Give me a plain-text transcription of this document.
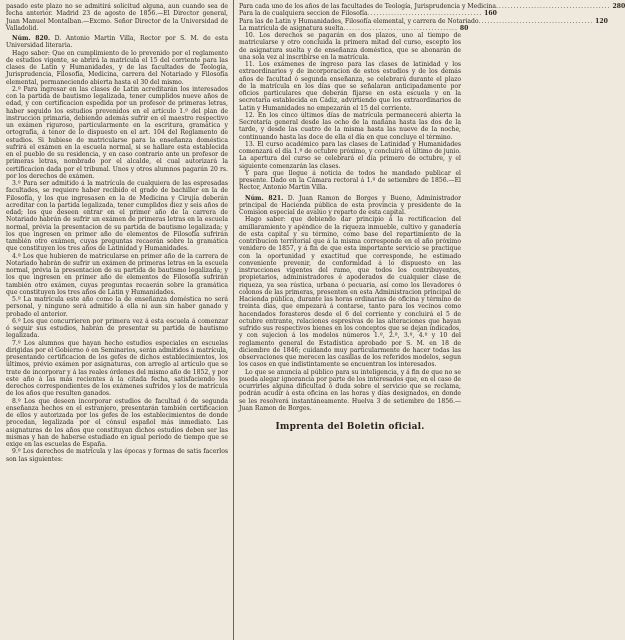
pasado este plazo no se admitirá solicitud alguna, aun cuando sea de fecha anterior. Madrid 23 de agosto de 1856.—El Director general, Juan Manuel Montalban.—Excmo. Señor Director de la Universidad de Valladolid.

Núm. 820. D. Antonio Martin Villa, Rector por S. M. de esta Universidad literaria.

Hago saber: Que en cumplimiento de lo prevenido por el reglamento de estudios vigente, se abrirá la matrícula el 15 del corriente para las clases de Latin y Humanidades, y de las facultades de Teología, Jurisprudencia, Filosofía, Medicina, carrera del Notariado y Filosofía elemental, permaneciendo abierta hasta el 30 del mismo.

2.º Para ingresar en las clases de Latin acreditarán los interesados con la partida de bautismo legalizada, tener cumplidos nueve años de edad, y con certificacion espedida por un profesor de primeras letras, haber seguido los estudios prevenidos en el artículo 1.º del plan de instruccion primaria, debiendo además sufrir en el maestro respectivo un exámen riguroso, particularmente en la escritura, gramática y ortografía, á tenor de lo dispuesto en el art. 104 del Reglamento de estudios. Si hubiese de matricularse para la enseñanza doméstica sufrirá el exámen en la escuela normal, si se hallare esta establecida en el pueblo de su residencia, y en caso contrario ante un profesor de primeras letras, nombrado por el alcalde, el cual autorizará la certificacion dada por el tribunal. Unos y otros alumnos pagarán 20 rs. por los derechos de exámen.

3.º Para ser admitido á la matrícula de cualquiera de las espresadas facultades, se requiere haber recibido el grado de bachiller en la de Filosofía, y los que ingresasen en la de Medicina y Cirujía deberán acreditar con la partida legalizada, tener cumplidos diez y seis años de edad; los que deseen entrar en el primer año de la carrera de Notariado habrán de sufrir un exámen de primeras letras en la escuela normal, prévia la presentacion de su partida de bautismo legalizada; y los que ingresen en primer año de elementos de Filosofía sufrirán también otro exámen, cuyas preguntas recaerán sobre la gramática que constituyen los tres años de Latinidad y Humanidades.

4.º Los que hubieren de matricularse en primer año de la carrera de Notariado habrán de sufrir un exámen de primeras letras en la escuela normal, prévia la presentacion de su partida de bautismo legalizada; y los que ingresen en primer año de elementos de Filosofía sufrirán también otro exámen, cuyas preguntas recaerán sobre la gramática que constituyen los tres años de Latin y Humanidades.

5.º La matrícula este año como la de enseñanza doméstica no será personal, y ninguno será admitido á ella ni aun sin haber ganado y probado el anterior.

6.º Los que concurrieren por primera vez á esta escuela á comenzar ó seguir sus estudios, habrán de presentar su partida de bautismo legalizada.

7.º Los alumnos que hayan hecho estudios especiales en escuelas dirigidas por el Gobierno ó en Seminarios, serán admitidos á matrícula, presentando certificacion de los gefes de dichos establecimientos, los últimos, prévio exámen por asignaturas, con arreglo al artículo que se trate de incorporar y á las reales órdenes del mismo año de 1852, y por este año á las más recientes á la citada fecha, satisfaciendo los derechos correspondientes de los exámenes sufridos y los de matrícula de los años que resulten ganados.

8.º Los que deseen incorporar estudios de facultad ó de segunda enseñanza hechos en el estranjero, presentarán también certificacion de ellos y autorizada por los gefes de los establecimientos de donde procedan, legalizada por el cónsul español más inmediato. Las asignaturas de los años que constituyan dichos estudios deben ser las mismas y han de haberse estudiado en igual período de tiempo que se exige en las escuelas de España.

9.º Los derechos de matrícula y las épocas y formas de satis facerlos son las siguientes:

Para cada uno de los años de las facultades de Teología, Jurisprudencia y Medicina ....................................... 280
Para la de cualquiera seccion de Filosofía ....................................... 160
Para las de Latin y Humanidades, Filosofía elemental, y carrera de Notariado ....................................... 120
La matrícula de asignatura suelta ....................................... 80

10. Los derechos se pagarán en dos plazos, uno al tiempo de matricularse y otro concluida la primera mitad del curso, escepto los de asignatura suelta y de enseñanza doméstica, que se abonarán de una sola vez al inscribirse en la matrícula.

11. Los exámenes de ingreso para las clases de latinidad y los extraordinarios y de incorporacion de estos estudios y de los demás años de facultad ó segunda enseñanza, se celebrará durante el plazo de la matrícula en los días que se señalaran anticipadamente por oficios particulares que deberán fijarse en esta escuela y en la secretaría establecida en Cádiz, advirtiendo que los extraordinarios de Latin y Humanidades no empezarán el 15 del corriente.

12. En los cinco últimos días de matrícula permanecerá abierta la Secretaría general desde las ocho de la mañana hasta las dos de la tarde, y desde las cuatro de la misma hasta las nueve de la noche, continuando hasta las doce de ella el día en que concluye el término.

13. El curso académico para las clases de Latinidad y Humanidades comenzará el día 1.º de octubre próximo, y concluirá el último de junio. La apertura del curso se celebrará el día primero de octubre, y el siguiente comenzarán las clases.

Y para que llegue á noticia de todos he mandado publicar el presente. Dado en la Cámara rectoral á 1.º de setiembre de 1856.—El Rector, Antonio Martin Villa.

Núm. 821. D. Juan Ramon de Borges y Bueno, Administrador principal de Hacienda pública de esta provincia y presidente de la Comision especial de avalúo y reparto de esta capital.

Hago saber: que debiendo dar principio á la rectificacion del amillaramiento y apéndice de la riqueza inmueble, cultivo y ganadería de esta capital y su término, como base del repartimiento de la contribucion territorial que á la misma corresponde en el año próximo venidero de 1857, y á fin de que esta importante servicio se practique con la oportunidad y exactitud que corresponde, he estimado conveniente prevenir, de conformidad á lo dispuesto en las instrucciones vigentes del ramo, que todos los contribuyentes, propietarios, administradores é apoderados de cualquier clase de riqueza, ya sea rústica, urbana ó pecuaria, así como los llevadores ó colonos de las primeras, presenten en esta Administracion principal de Hacienda pública, durante las horas ordinarias de oficina y término de treinta días, que empezará á contarse, tanto para los vecinos como hacendados forasteros desde el 6 del corriente y concluirá el 5 de octubre entrante, relaciones espresivas de las alteraciones que hayan sufrido sus respectivos bienes en los conceptos que se dejan indicados, y con sujecion á los modelos números 1.º, 2.º, 3.º, 4.º y 10 del reglamento general de Estadística aprobado por S. M. en 18 de diciembre de 1846; cuidando muy particularmente de hacer todas las observaciones que merecen las casillas de los referidos modelos, segun los casos en que indistintamente se encuentran los interesados.

Lo que se anuncia al público para su inteligencia, y á fin de que no se pueda alegar ignorancia por parte de los interesados que, en el caso de ocurrirles alguna dificultad ó duda sobre el servicio que se reclama, podrán acudir á esta oficina en las horas y días designados, en donde se les resolverá instantáneamente. Huelva 3 de setiembre de 1856.—Juan Ramon de Borges.

Imprenta del Boletin oficial.
